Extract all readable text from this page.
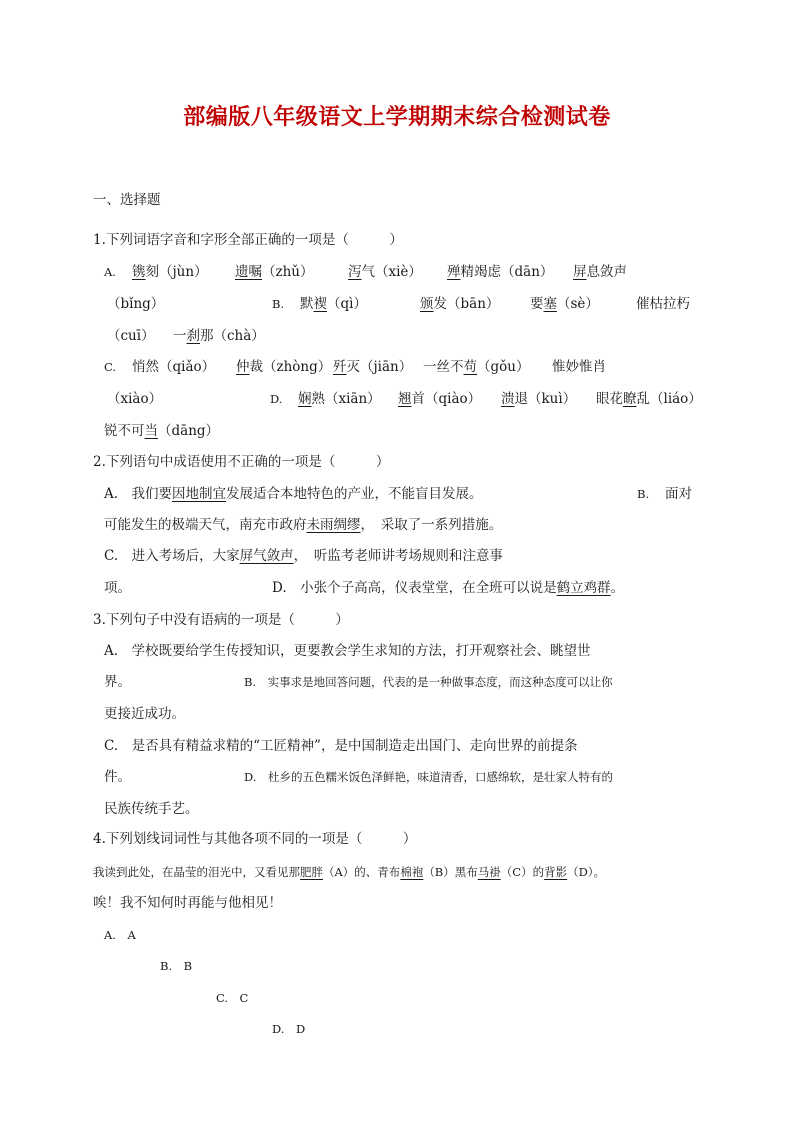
部编版八年级语文上学期期末综合检测试卷
一、选择题
1.下列词语字音和字形全部正确的一项是（　　　）
A. 镌刻（jùn） 遗嘱（zhǔ）	泻气（xiè） 殚精竭虑（dān） 屏息敛声
（bǐng）	B. 默褉（qì）	颁发（bān） 要塞（sè）	催枯拉朽
（cuī） 一刹那（chà）
C. 悄然（qiǎo） 仲裁（zhòng） 歼灭（jiān） 一丝不苟（gǒu） 惟妙惟肖
（xiào）	D. 娴熟（xiān） 翘首（qiào） 溃退（kuì） 眼花瞭乱（liáo）
锐不可当（dāng）
2.下列语句中成语使用不正确的一项是（　　　）
A.　我们要因地制宜发展适合本地特色的产业，不能盲目发展。	B. 面对
可能发生的极端天气，南充市政府未雨绸缪，　采取了一系列措施。
C.　进入考场后，大家屏气敛声，　听监考老师讲考场规则和注意事
项。	D.　小张个子高高，仪表堂堂，在全班可以说是鹤立鸡群。
3.下列句子中没有语病的一项是（　　　）
A.　学校既要给学生传授知识，更要教会学生求知的方法，打开观察社会、眺望世
界。	B.　实事求是地回答问题，代表的是一种做事态度，而这种态度可以让你
更接近成功。
C.　是否具有精益求精的“工匠精神”，是中国制造走出国门、走向世界的前提条
件。	D.　杜乡的五色糯米饭色泽鲜艳，味道清香，口感绵软，是壮家人特有的
民族传统手艺。
4.下列划线词词性与其他各项不同的一项是（　　　）
我读到此处，在晶莹的泪光中，又看见那肥胖（A）的、青布棉袍（B）黑布马褂（C）的背影（D）。
唉！我不知何时再能与他相见！
A.　A
B.　B
C.　C
D.　D
